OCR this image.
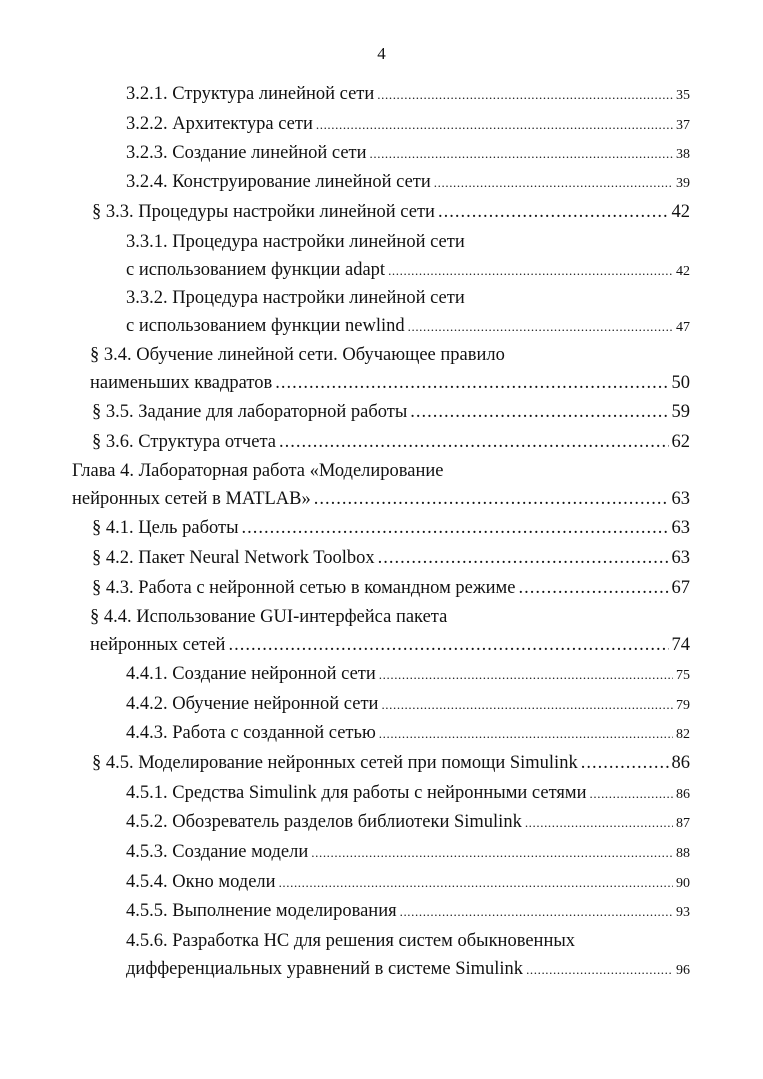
4
3.2.1. Структура линейной сети .....	35
3.2.2. Архитектура сети .....	37
3.2.3. Создание линейной сети .....	38
3.2.4. Конструирование линейной сети .....	39
§ 3.3. Процедуры настройки линейной сети .....	42
3.3.1. Процедура настройки линейной сети
с использованием функции adapt .....	42
3.3.2. Процедура настройки линейной сети
с использованием функции newlind .....	47
§ 3.4. Обучение линейной сети. Обучающее правило
наименьших квадратов .....	50
§ 3.5. Задание для лабораторной работы .....	59
§ 3.6. Структура отчета .....	62
Глава 4. Лабораторная работа «Моделирование
нейронных сетей в MATLAB» .....	63
§ 4.1. Цель работы .....	63
§ 4.2. Пакет Neural Network Toolbox .....	63
§ 4.3. Работа с нейронной сетью в командном режиме .....	67
§ 4.4. Использование GUI-интерфейса пакета
нейронных сетей .....	74
4.4.1. Создание нейронной сети .....	75
4.4.2. Обучение нейронной сети .....	79
4.4.3. Работа с созданной сетью .....	82
§ 4.5. Моделирование нейронных сетей при помощи Simulink .....	86
4.5.1. Средства Simulink для работы с нейронными сетями .....	86
4.5.2. Обозреватель разделов библиотеки Simulink .....	87
4.5.3. Создание модели .....	88
4.5.4. Окно модели .....	90
4.5.5. Выполнение моделирования .....	93
4.5.6. Разработка НС для решения систем обыкновенных
дифференциальных уравнений в системе Simulink .....	96
